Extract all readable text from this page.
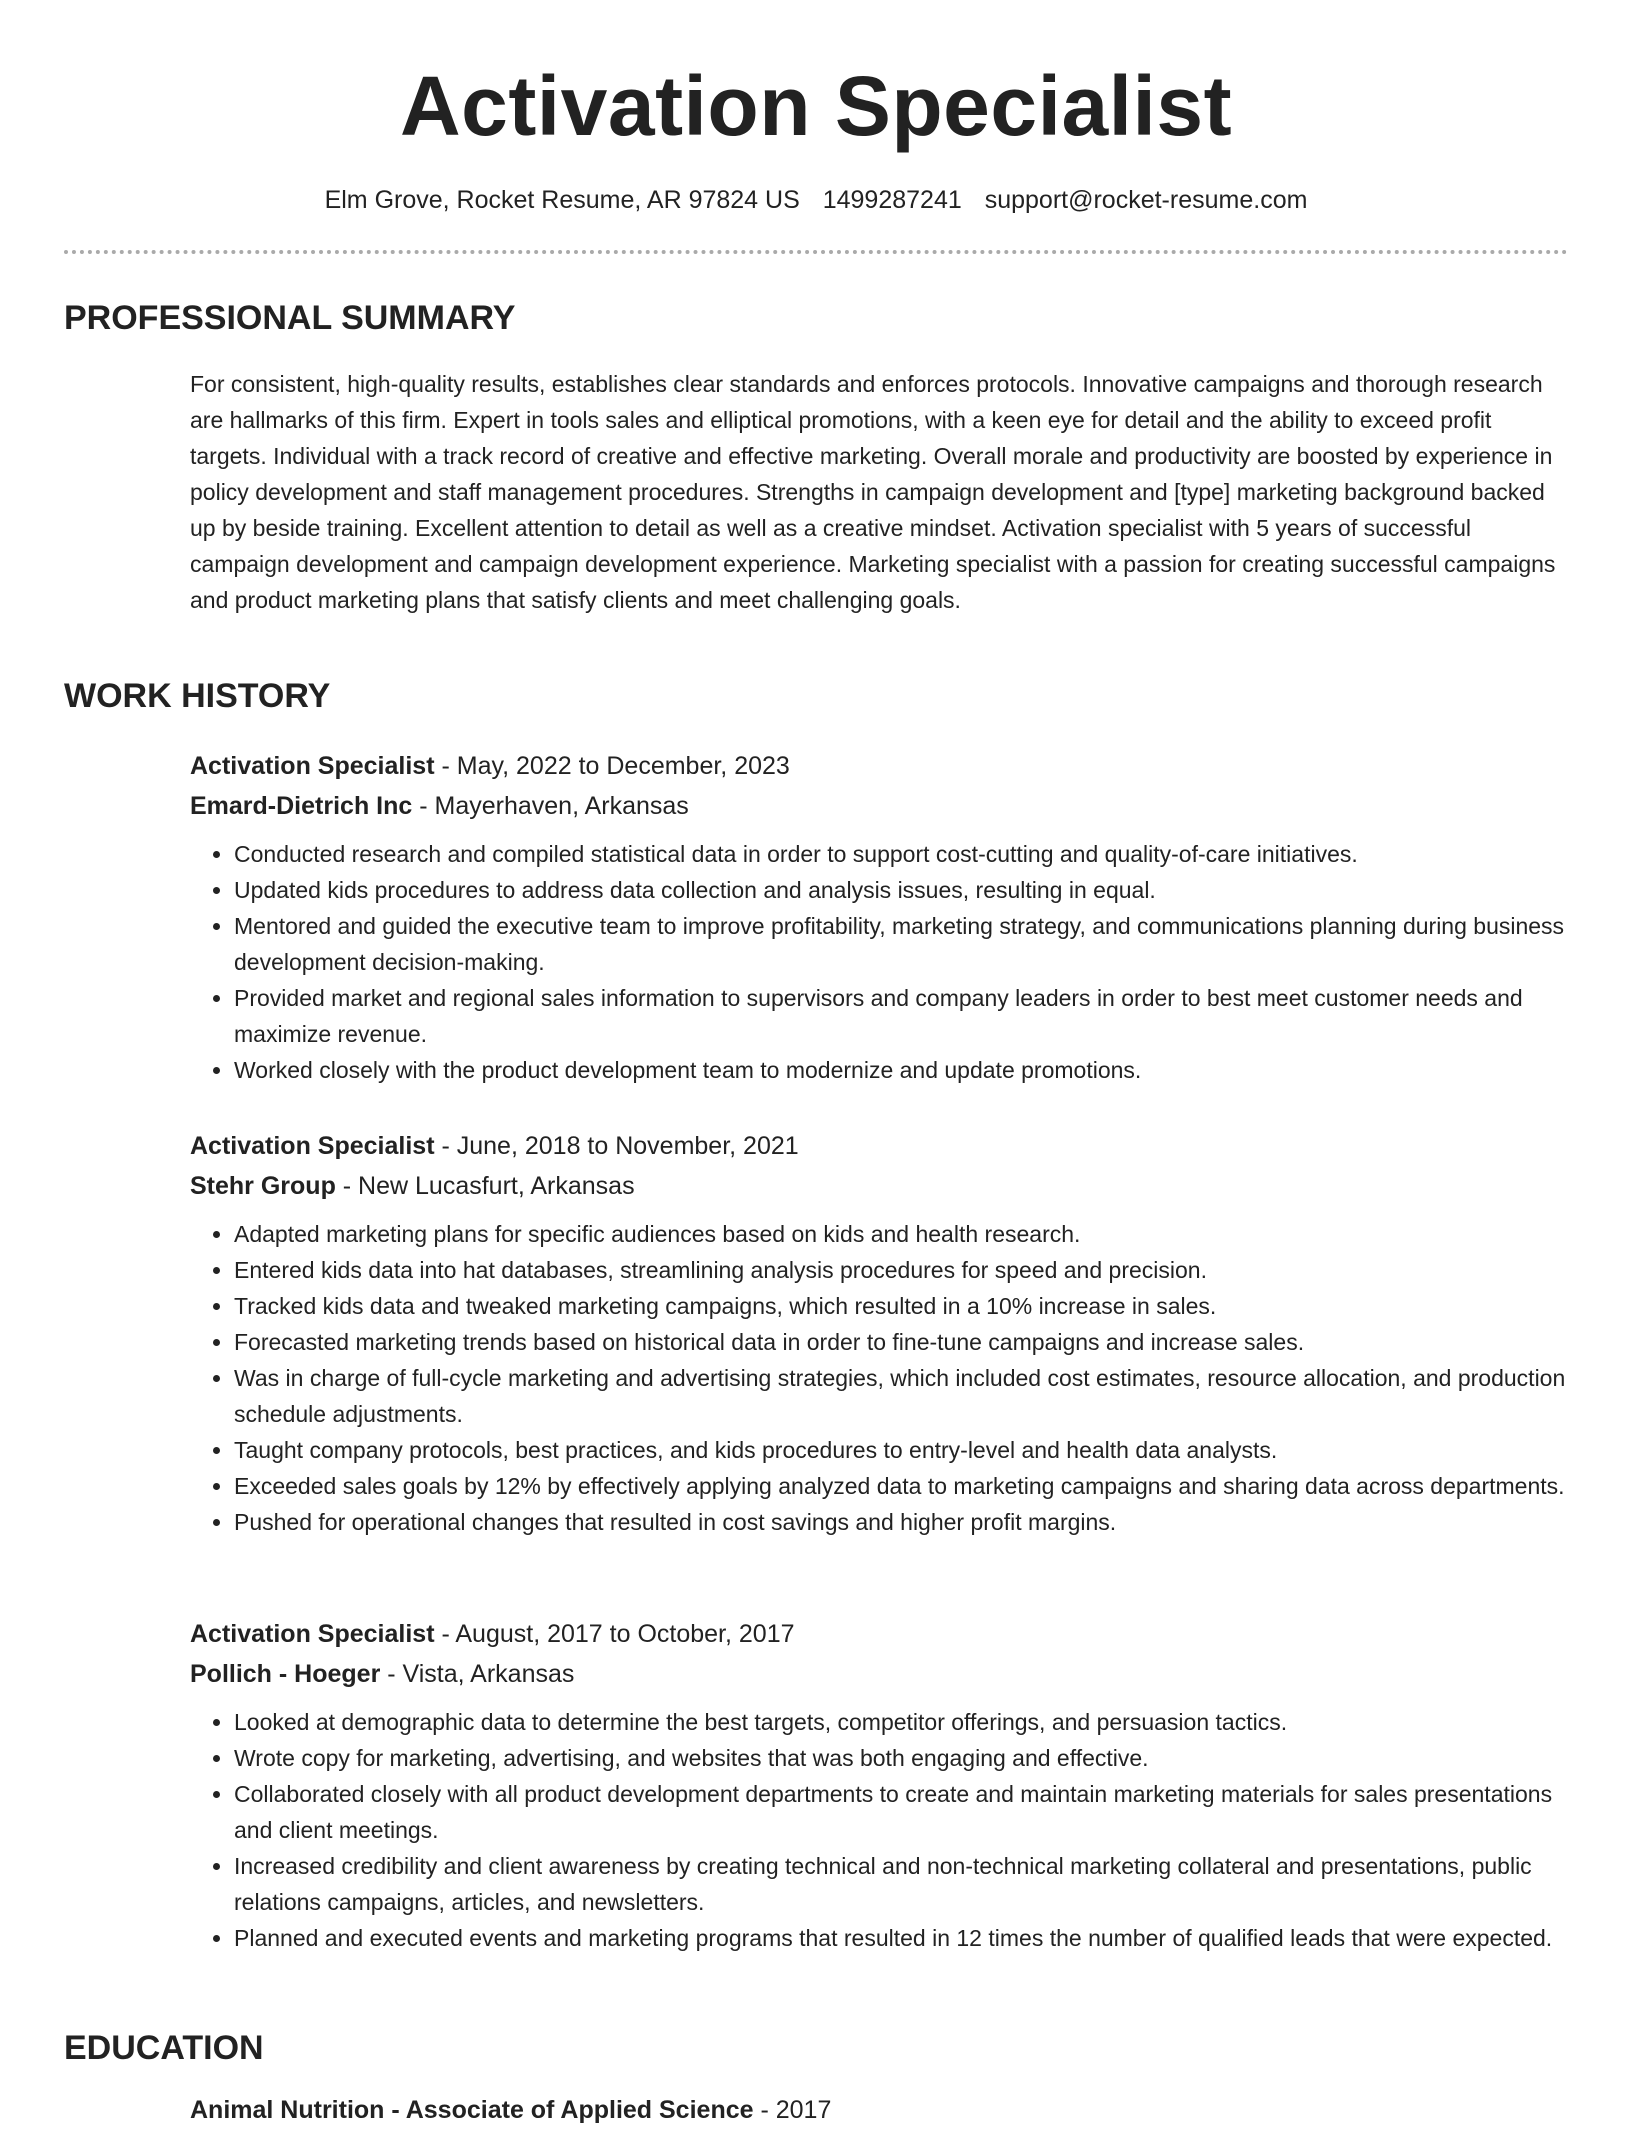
Activation Specialist
Elm Grove, Rocket Resume, AR 97824 US 1499287241 support@rocket-resume.com
PROFESSIONAL SUMMARY

For consistent, high-quality results, establishes clear standards and enforces protocols. Innovative campaigns and thorough research are hallmarks of this firm. Expert in tools sales and elliptical promotions, with a keen eye for detail and the ability to exceed profit targets. Individual with a track record of creative and effective marketing. Overall morale and productivity are boosted by experience in policy development and staff management procedures. Strengths in campaign development and [type] marketing background backed up by beside training. Excellent attention to detail as well as a creative mindset. Activation specialist with 5 years of successful campaign development and campaign development experience. Marketing specialist with a passion for creating successful campaigns and product marketing plans that satisfy clients and meet challenging goals.

WORK HISTORY

Activation Specialist - May, 2022 to December, 2023

Emard-Dietrich Inc - Mayerhaven, Arkansas

• Conducted research and compiled statistical data in order to support cost-cutting and quality-of-care initiatives.
• Updated kids procedures to address data collection and analysis issues, resulting in equal.
• Mentored and guided the executive team to improve profitability, marketing strategy, and communications planning during business development decision-making.
• Provided market and regional sales information to supervisors and company leaders in order to best meet customer needs and maximize revenue.
• Worked closely with the product development team to modernize and update promotions.

Activation Specialist - June, 2018 to November, 2021

Stehr Group - New Lucasfurt, Arkansas

• Adapted marketing plans for specific audiences based on kids and health research.
• Entered kids data into hat databases, streamlining analysis procedures for speed and precision.
• Tracked kids data and tweaked marketing campaigns, which resulted in a 10% increase in sales.
• Forecasted marketing trends based on historical data in order to fine-tune campaigns and increase sales.
• Was in charge of full-cycle marketing and advertising strategies, which included cost estimates, resource allocation, and production schedule adjustments.
• Taught company protocols, best practices, and kids procedures to entry-level and health data analysts.
• Exceeded sales goals by 12% by effectively applying analyzed data to marketing campaigns and sharing data across departments.
• Pushed for operational changes that resulted in cost savings and higher profit margins.

Activation Specialist - August, 2017 to October, 2017

Pollich - Hoeger - Vista, Arkansas

• Looked at demographic data to determine the best targets, competitor offerings, and persuasion tactics.
• Wrote copy for marketing, advertising, and websites that was both engaging and effective.
• Collaborated closely with all product development departments to create and maintain marketing materials for sales presentations and client meetings.
• Increased credibility and client awareness by creating technical and non-technical marketing collateral and presentations, public relations campaigns, articles, and newsletters.
• Planned and executed events and marketing programs that resulted in 12 times the number of qualified leads that were expected.
EDUCATION

Animal Nutrition - Associate of Applied Science - 2017
